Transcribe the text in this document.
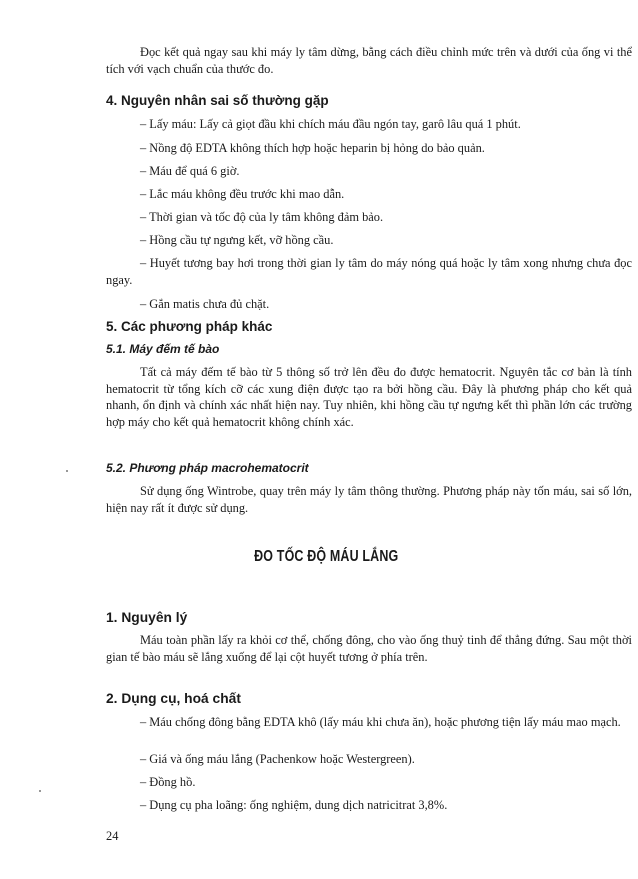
Đọc kết quả ngay sau khi máy ly tâm dừng, bằng cách điều chỉnh mức trên và dưới của ống vi thể tích với vạch chuẩn của thước đo.

4. Nguyên nhân sai số thường gặp
– Lấy máu: Lấy cả giọt đầu khi chích máu đầu ngón tay, garô lâu quá 1 phút.
– Nồng độ EDTA không thích hợp hoặc heparin bị hỏng do bảo quản.
– Máu để quá 6 giờ.
– Lắc máu không đều trước khi mao dẫn.
– Thời gian và tốc độ của ly tâm không đảm bảo.
– Hồng cầu tự ngưng kết, vỡ hồng cầu.

– Huyết tương bay hơi trong thời gian ly tâm do máy nóng quá hoặc ly tâm xong nhưng chưa đọc ngay.

– Gắn matis chưa đủ chặt.
5. Các phương pháp khác
5.1. Máy đếm tế bào

Tất cả máy đếm tế bào từ 5 thông số trở lên đều đo được hematocrit. Nguyên tắc cơ bản là tính hematocrit từ tổng kích cỡ các xung điện được tạo ra bởi hồng cầu. Đây là phương pháp cho kết quả nhanh, ổn định và chính xác nhất hiện nay. Tuy nhiên, khi hồng cầu tự ngưng kết thì phần lớn các trường hợp máy cho kết quả hematocrit không chính xác.

5.2. Phương pháp macrohematocrit

Sử dụng ống Wintrobe, quay trên máy ly tâm thông thường. Phương pháp này tốn máu, sai số lớn, hiện nay rất ít được sử dụng.

ĐO TỐC ĐỘ MÁU LẮNG
1. Nguyên lý

Máu toàn phần lấy ra khỏi cơ thể, chống đông, cho vào ống thuỷ tinh để thẳng đứng. Sau một thời gian tế bào máu sẽ lắng xuống để lại cột huyết tương ở phía trên.

2. Dụng cụ, hoá chất

– Máu chống đông bằng EDTA khô (lấy máu khi chưa ăn), hoặc phương tiện lấy máu mao mạch.

– Giá và ống máu lắng (Pachenkow hoặc Westergreen).
– Đồng hồ.
– Dụng cụ pha loãng: ống nghiệm, dung dịch natricitrat 3,8%.
24
